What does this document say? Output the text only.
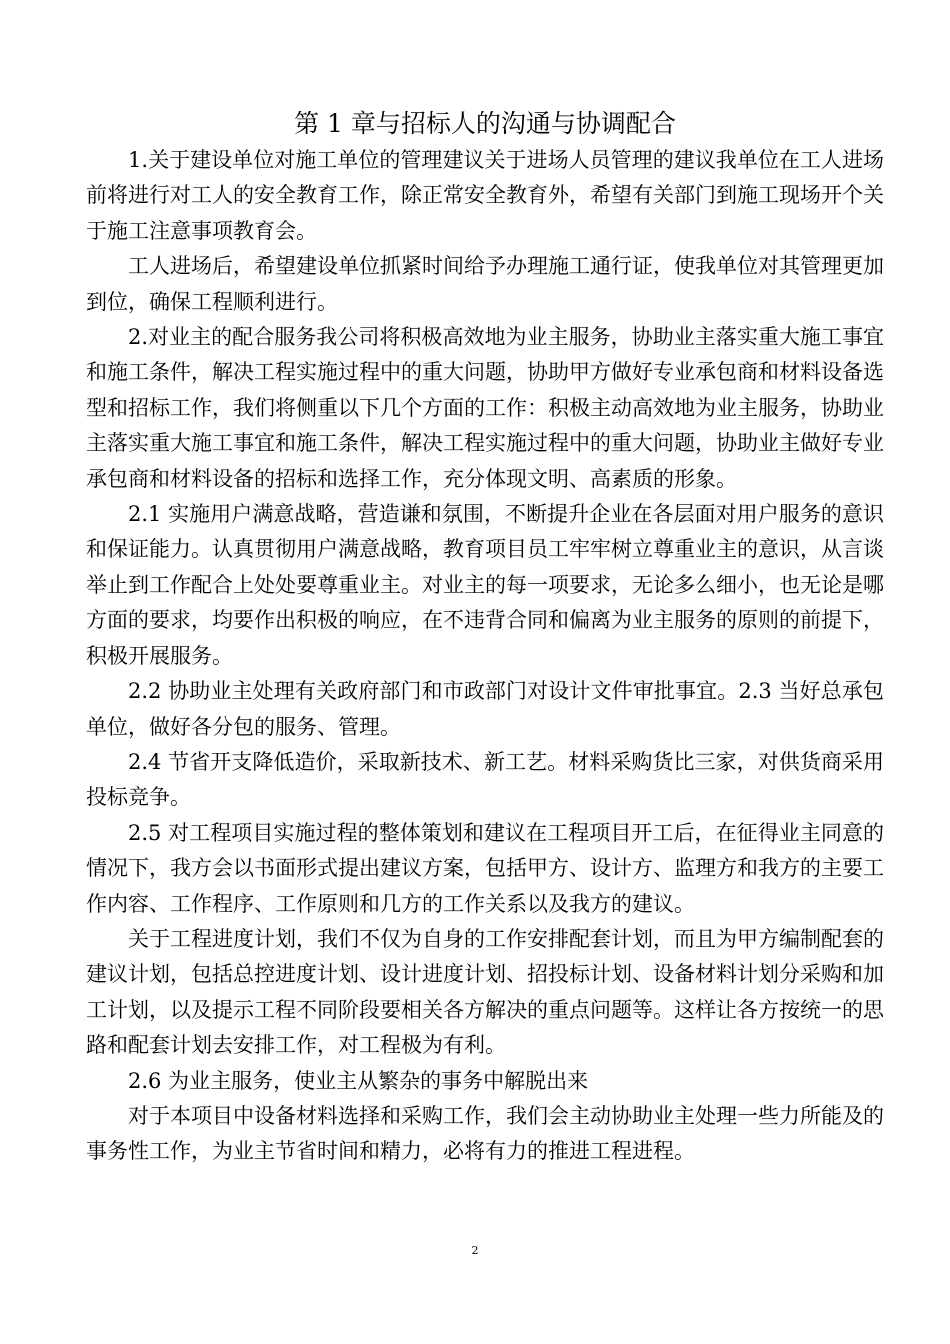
第 1 章与招标人的沟通与协调配合

1.关于建设单位对施工单位的管理建议关于进场人员管理的建议我单位在工人进场前将进行对工人的安全教育工作，除正常安全教育外，希望有关部门到施工现场开个关于施工注意事项教育会。

工人进场后，希望建设单位抓紧时间给予办理施工通行证，使我单位对其管理更加到位，确保工程顺利进行。

2.对业主的配合服务我公司将积极高效地为业主服务，协助业主落实重大施工事宜和施工条件，解决工程实施过程中的重大问题，协助甲方做好专业承包商和材料设备选型和招标工作，我们将侧重以下几个方面的工作：积极主动高效地为业主服务，协助业主落实重大施工事宜和施工条件，解决工程实施过程中的重大问题，协助业主做好专业承包商和材料设备的招标和选择工作，充分体现文明、高素质的形象。

2.1 实施用户满意战略，营造谦和氛围，不断提升企业在各层面对用户服务的意识和保证能力。认真贯彻用户满意战略，教育项目员工牢牢树立尊重业主的意识，从言谈举止到工作配合上处处要尊重业主。对业主的每一项要求，无论多么细小，也无论是哪方面的要求，均要作出积极的响应，在不违背合同和偏离为业主服务的原则的前提下，积极开展服务。

2.2 协助业主处理有关政府部门和市政部门对设计文件审批事宜。2.3 当好总承包单位，做好各分包的服务、管理。

2.4 节省开支降低造价，采取新技术、新工艺。材料采购货比三家，对供货商采用投标竞争。

2.5 对工程项目实施过程的整体策划和建议在工程项目开工后，在征得业主同意的情况下，我方会以书面形式提出建议方案，包括甲方、设计方、监理方和我方的主要工作内容、工作程序、工作原则和几方的工作关系以及我方的建议。

关于工程进度计划，我们不仅为自身的工作安排配套计划，而且为甲方编制配套的建议计划，包括总控进度计划、设计进度计划、招投标计划、设备材料计划分采购和加工计划，以及提示工程不同阶段要相关各方解决的重点问题等。这样让各方按统一的思路和配套计划去安排工作，对工程极为有利。

2.6 为业主服务，使业主从繁杂的事务中解脱出来

对于本项目中设备材料选择和采购工作，我们会主动协助业主处理一些力所能及的事务性工作，为业主节省时间和精力，必将有力的推进工程进程。

2
